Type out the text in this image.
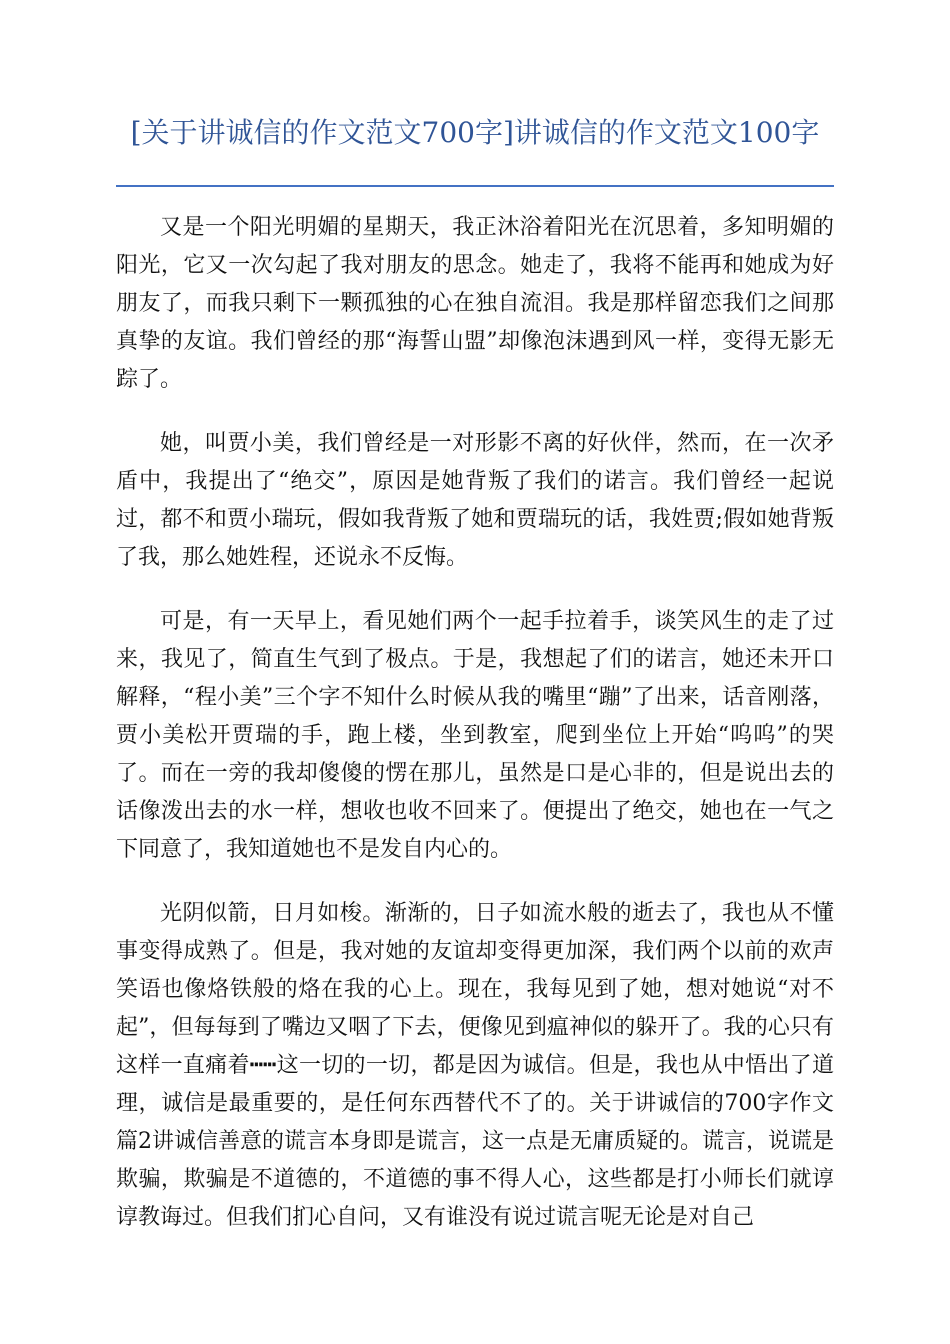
[关于讲诚信的作文范文700字]讲诚信的作文范文100字

又是一个阳光明媚的星期天，我正沐浴着阳光在沉思着，多知明媚的阳光，它又一次勾起了我对朋友的思念。她走了，我将不能再和她成为好朋友了，而我只剩下一颗孤独的心在独自流泪。我是那样留恋我们之间那真挚的友谊。我们曾经的那“海誓山盟”却像泡沫遇到风一样，变得无影无踪了。

她，叫贾小美，我们曾经是一对形影不离的好伙伴，然而，在一次矛盾中，我提出了“绝交”，原因是她背叛了我们的诺言。我们曾经一起说过，都不和贾小瑞玩，假如我背叛了她和贾瑞玩的话，我姓贾;假如她背叛了我，那么她姓程，还说永不反悔。

可是，有一天早上，看见她们两个一起手拉着手，谈笑风生的走了过来，我见了，简直生气到了极点。于是，我想起了们的诺言，她还未开口解释，“程小美”三个字不知什么时候从我的嘴里“蹦”了出来，话音刚落，贾小美松开贾瑞的手，跑上楼，坐到教室，爬到坐位上开始“呜呜”的哭了。而在一旁的我却傻傻的愣在那儿，虽然是口是心非的，但是说出去的话像泼出去的水一样，想收也收不回来了。便提出了绝交，她也在一气之下同意了，我知道她也不是发自内心的。

光阴似箭，日月如梭。渐渐的，日子如流水般的逝去了，我也从不懂事变得成熟了。但是，我对她的友谊却变得更加深，我们两个以前的欢声笑语也像烙铁般的烙在我的心上。现在，我每见到了她，想对她说“对不起”，但每每到了嘴边又咽了下去，便像见到瘟神似的躲开了。我的心只有这样一直痛着┅┅这一切的一切，都是因为诚信。但是，我也从中悟出了道理，诚信是最重要的，是任何东西替代不了的。关于讲诚信的700字作文篇2讲诚信善意的谎言本身即是谎言，这一点是无庸质疑的。谎言，说谎是欺骗，欺骗是不道德的，不道德的事不得人心，这些都是打小师长们就谆谆教诲过。但我们扪心自问，又有谁没有说过谎言呢无论是对自己
